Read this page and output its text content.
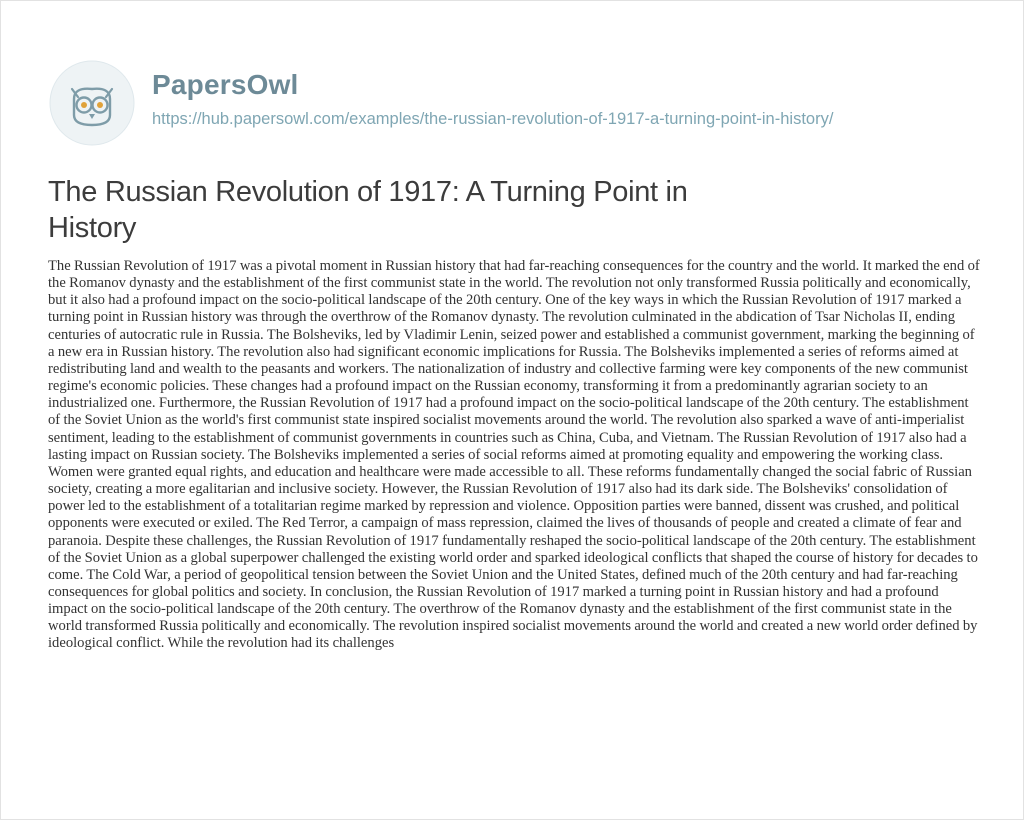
PapersOwl
https://hub.papersowl.com/examples/the-russian-revolution-of-1917-a-turning-point-in-history/
The Russian Revolution of 1917: A Turning Point in History

The Russian Revolution of 1917 was a pivotal moment in Russian history that had far-reaching consequences for the country and the world. It marked the end of the Romanov dynasty and the establishment of the first communist state in the world. The revolution not only transformed Russia politically and economically, but it also had a profound impact on the socio-political landscape of the 20th century. One of the key ways in which the Russian Revolution of 1917 marked a turning point in Russian history was through the overthrow of the Romanov dynasty. The revolution culminated in the abdication of Tsar Nicholas II, ending centuries of autocratic rule in Russia. The Bolsheviks, led by Vladimir Lenin, seized power and established a communist government, marking the beginning of a new era in Russian history. The revolution also had significant economic implications for Russia. The Bolsheviks implemented a series of reforms aimed at redistributing land and wealth to the peasants and workers. The nationalization of industry and collective farming were key components of the new communist regime's economic policies. These changes had a profound impact on the Russian economy, transforming it from a predominantly agrarian society to an industrialized one. Furthermore, the Russian Revolution of 1917 had a profound impact on the socio-political landscape of the 20th century. The establishment of the Soviet Union as the world's first communist state inspired socialist movements around the world. The revolution also sparked a wave of anti-imperialist sentiment, leading to the establishment of communist governments in countries such as China, Cuba, and Vietnam. The Russian Revolution of 1917 also had a lasting impact on Russian society. The Bolsheviks implemented a series of social reforms aimed at promoting equality and empowering the working class. Women were granted equal rights, and education and healthcare were made accessible to all. These reforms fundamentally changed the social fabric of Russian society, creating a more egalitarian and inclusive society. However, the Russian Revolution of 1917 also had its dark side. The Bolsheviks' consolidation of power led to the establishment of a totalitarian regime marked by repression and violence. Opposition parties were banned, dissent was crushed, and political opponents were executed or exiled. The Red Terror, a campaign of mass repression, claimed the lives of thousands of people and created a climate of fear and paranoia. Despite these challenges, the Russian Revolution of 1917 fundamentally reshaped the socio-political landscape of the 20th century. The establishment of the Soviet Union as a global superpower challenged the existing world order and sparked ideological conflicts that shaped the course of history for decades to come. The Cold War, a period of geopolitical tension between the Soviet Union and the United States, defined much of the 20th century and had far-reaching consequences for global politics and society. In conclusion, the Russian Revolution of 1917 marked a turning point in Russian history and had a profound impact on the socio-political landscape of the 20th century. The overthrow of the Romanov dynasty and the establishment of the first communist state in the world transformed Russia politically and economically. The revolution inspired socialist movements around the world and created a new world order defined by ideological conflict. While the revolution had its challenges
